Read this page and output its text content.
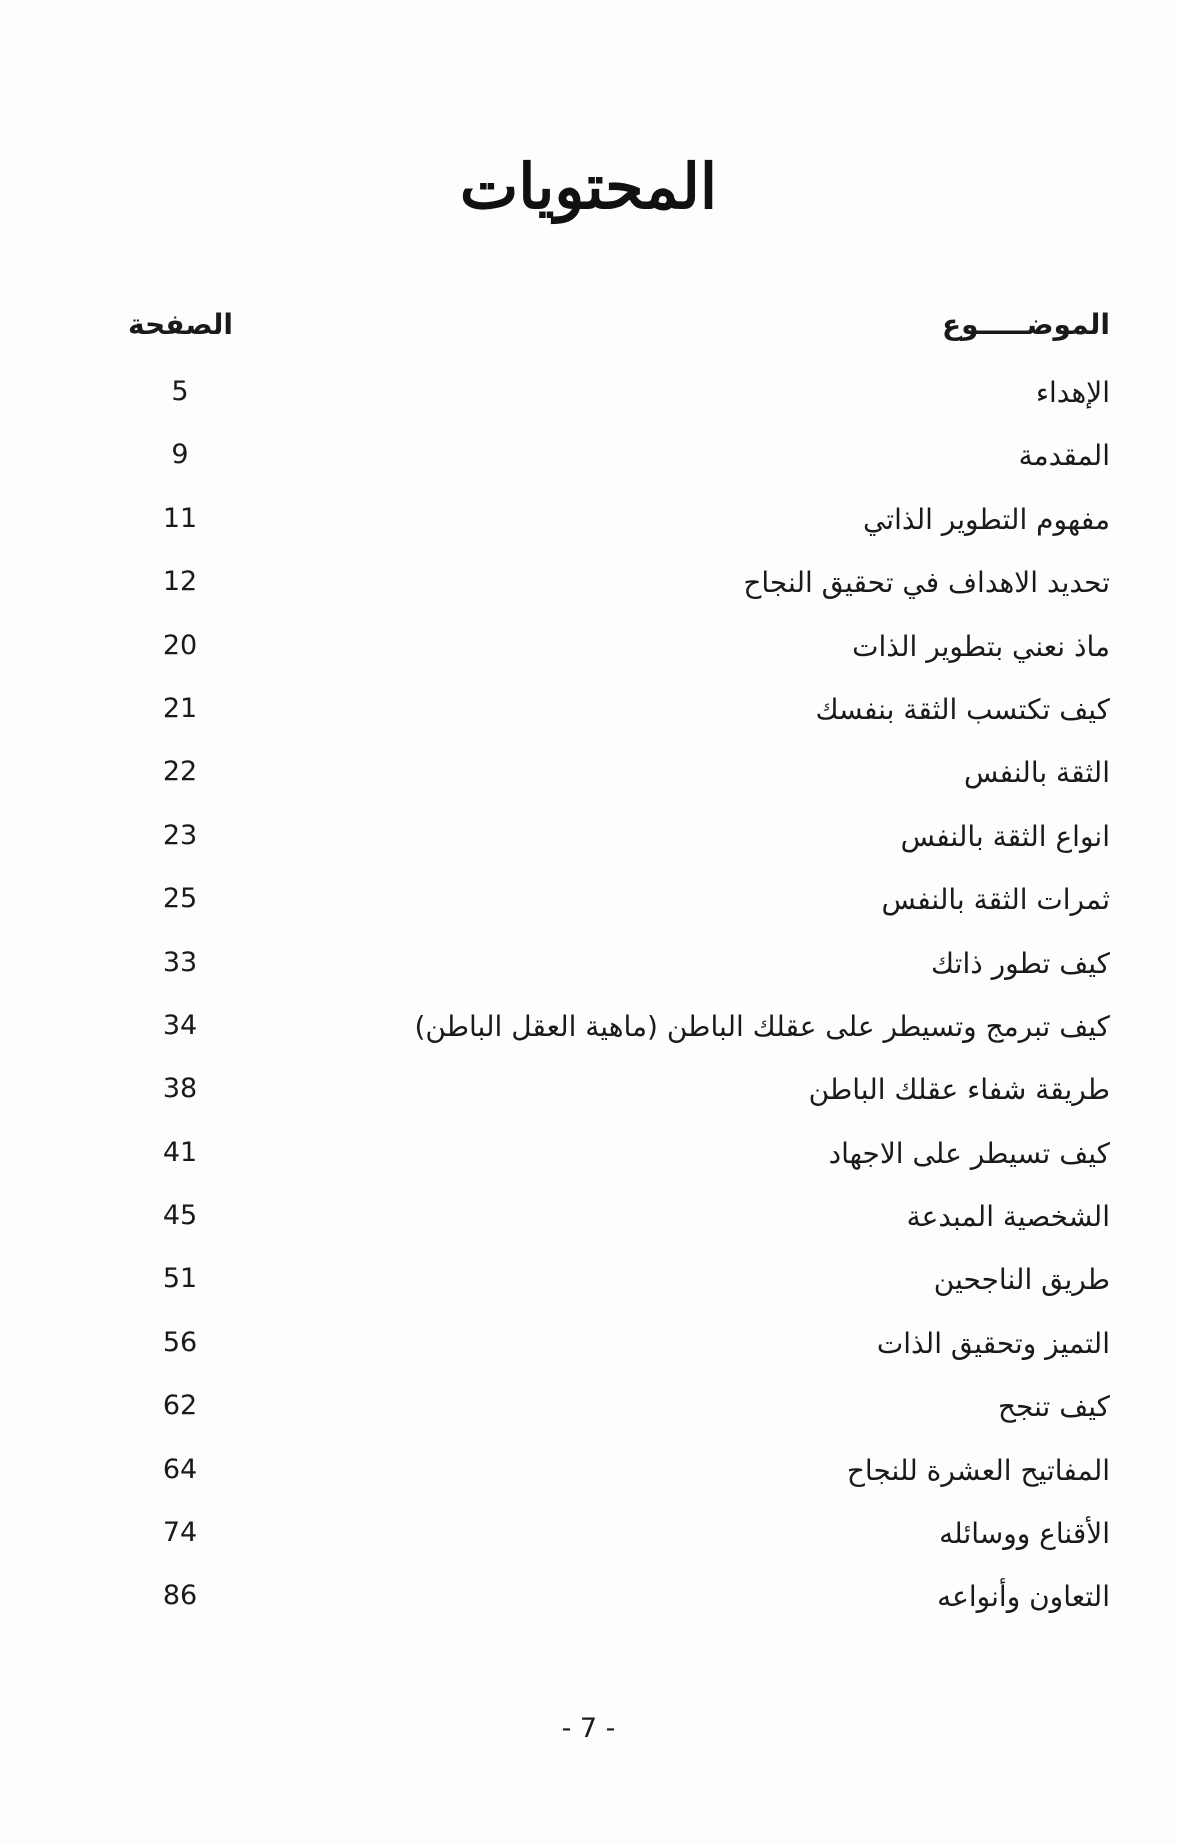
المحتويات
الموضـــــوع
الصفحة
الإهداء
5
المقدمة
9
مفهوم التطوير الذاتي
11
تحديد الاهداف في تحقيق النجاح
12
ماذ نعني بتطوير الذات
20
كيف تكتسب الثقة بنفسك
21
الثقة بالنفس
22
انواع الثقة بالنفس
23
ثمرات الثقة بالنفس
25
كيف تطور ذاتك
33
كيف تبرمج وتسيطر على عقلك الباطن (ماهية العقل الباطن)
34
طريقة شفاء عقلك الباطن
38
كيف تسيطر على الاجهاد
41
الشخصية المبدعة
45
طريق الناجحين
51
التميز وتحقيق الذات
56
كيف تنجح
62
المفاتيح العشرة للنجاح
64
الأقناع ووسائله
74
التعاون وأنواعه
86
- 7 -
